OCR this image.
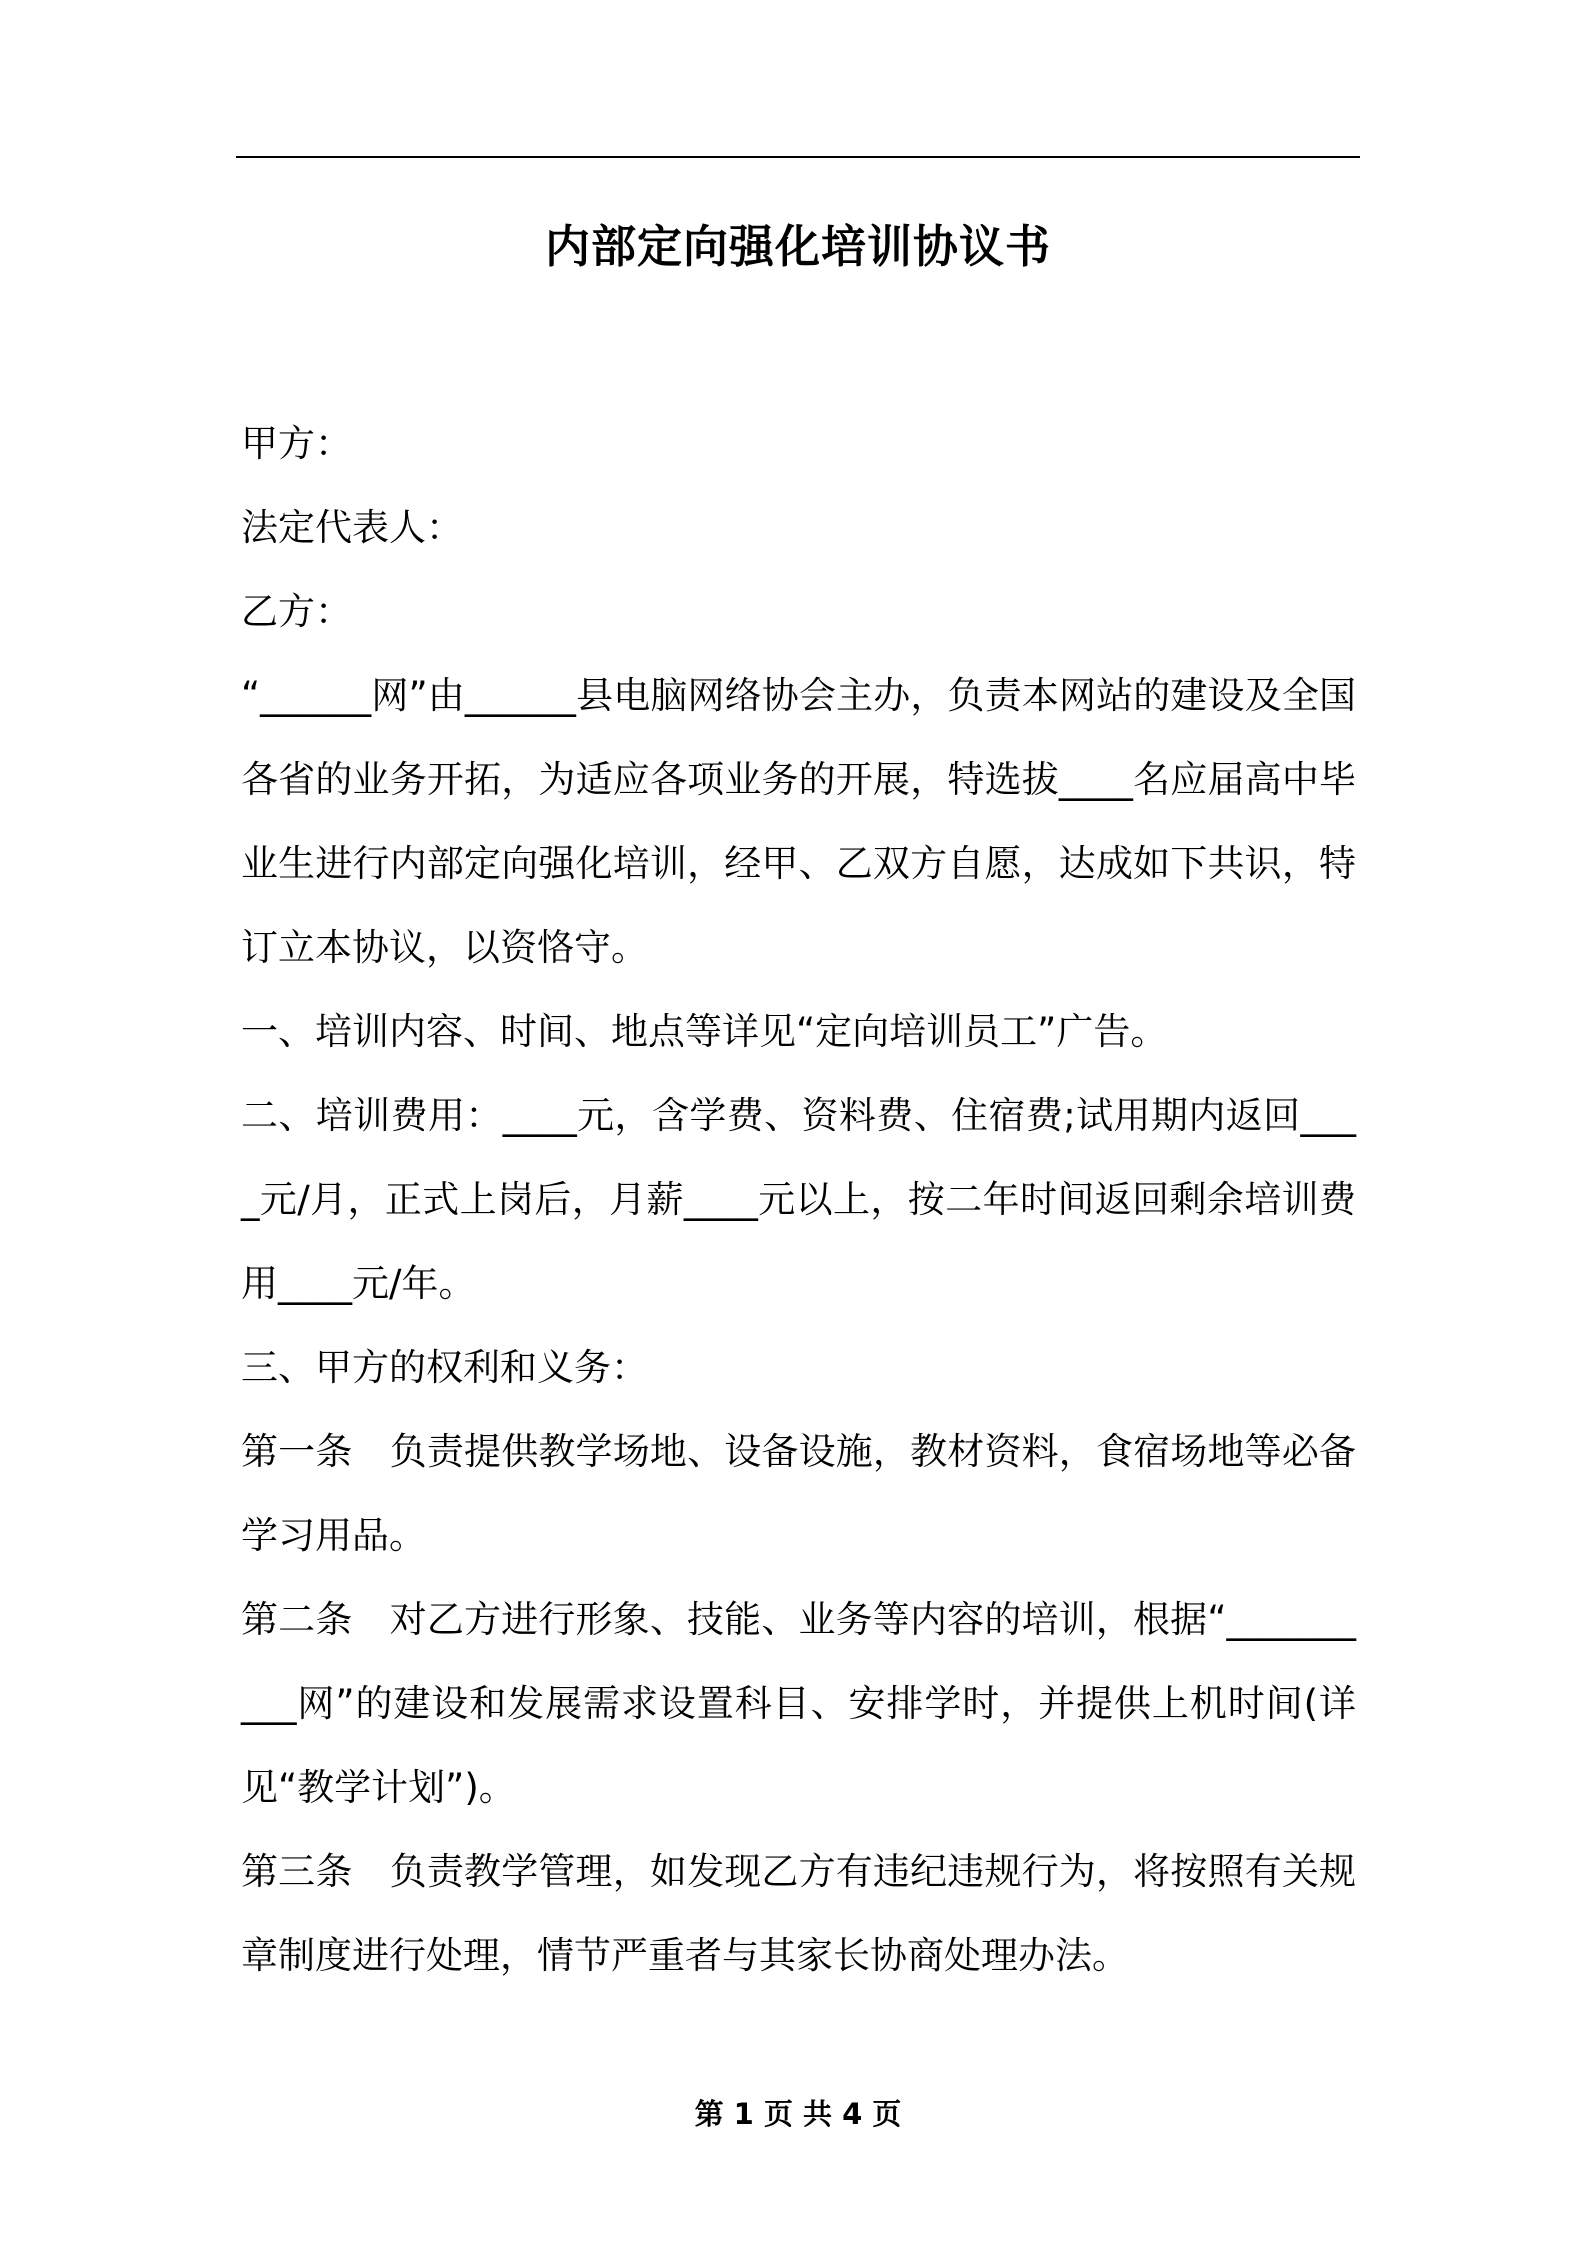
内部定向强化培训协议书

甲方：

法定代表人：

乙方：

“______网”由______县电脑网络协会主办，负责本网站的建设及全国各省的业务开拓，为适应各项业务的开展，特选拔____名应届高中毕业生进行内部定向强化培训，经甲、乙双方自愿，达成如下共识，特订立本协议，以资恪守。

一、培训内容、时间、地点等详见“定向培训员工”广告。

二、培训费用：____元，含学费、资料费、住宿费;试用期内返回____元/月，正式上岗后，月薪____元以上，按二年时间返回剩余培训费用____元/年。

三、甲方的权利和义务：

第一条　负责提供教学场地、设备设施，教材资料，食宿场地等必备学习用品。

第二条　对乙方进行形象、技能、业务等内容的培训，根据“__________网”的建设和发展需求设置科目、安排学时，并提供上机时间(详见“教学计划”)。

第三条　负责教学管理，如发现乙方有违纪违规行为，将按照有关规章制度进行处理，情节严重者与其家长协商处理办法。

第 1 页 共 4 页
